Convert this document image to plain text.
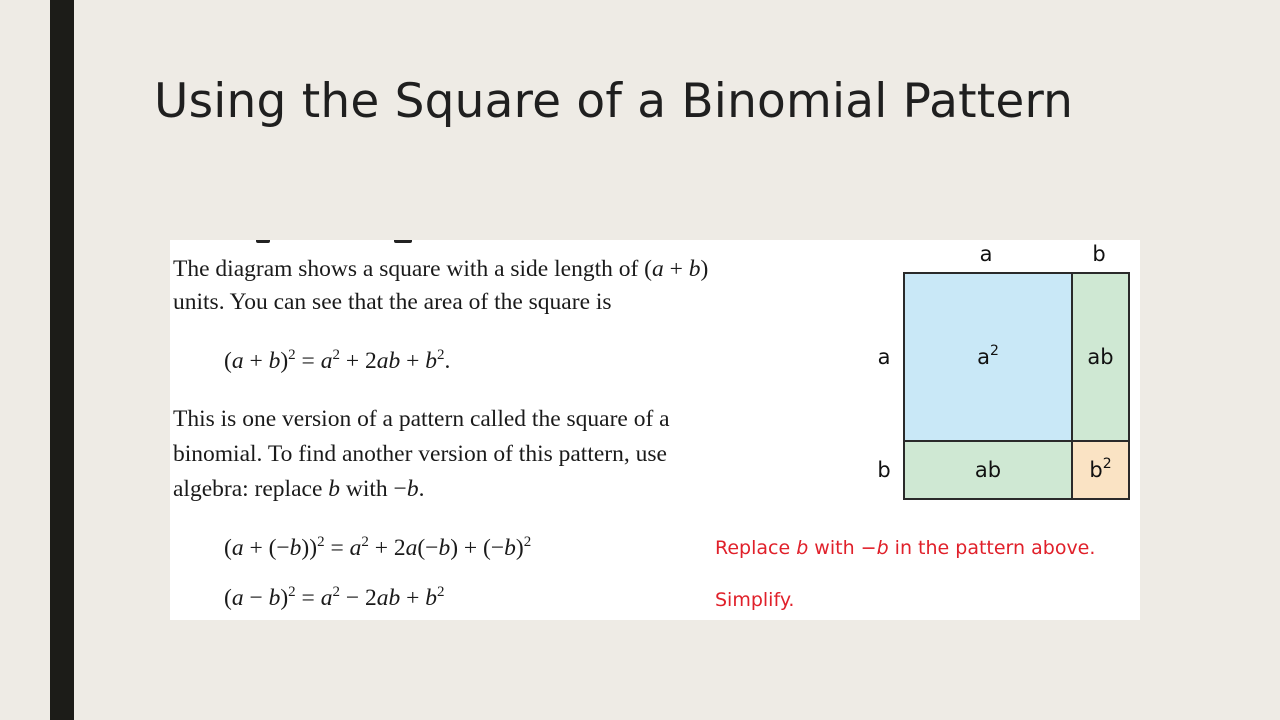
Using the Square of a Binomial Pattern
The diagram shows a square with a side length of (a + b)
units. You can see that the area of the square is
$(a + b)^2 = a^2 + 2ab + b^2$.
This is one version of a pattern called the square of a
binomial. To find another version of this pattern, use
algebra: replace b with −b.
$(a + (-b))^2 = a^2 + 2a(-b) + (-b)^2$	Replace b with −b in the pattern above.
$(a - b)^2 = a^2 - 2ab + b^2$	Simplify.
a	b
a
b
$a^2$	ab
ab	$b^2$
